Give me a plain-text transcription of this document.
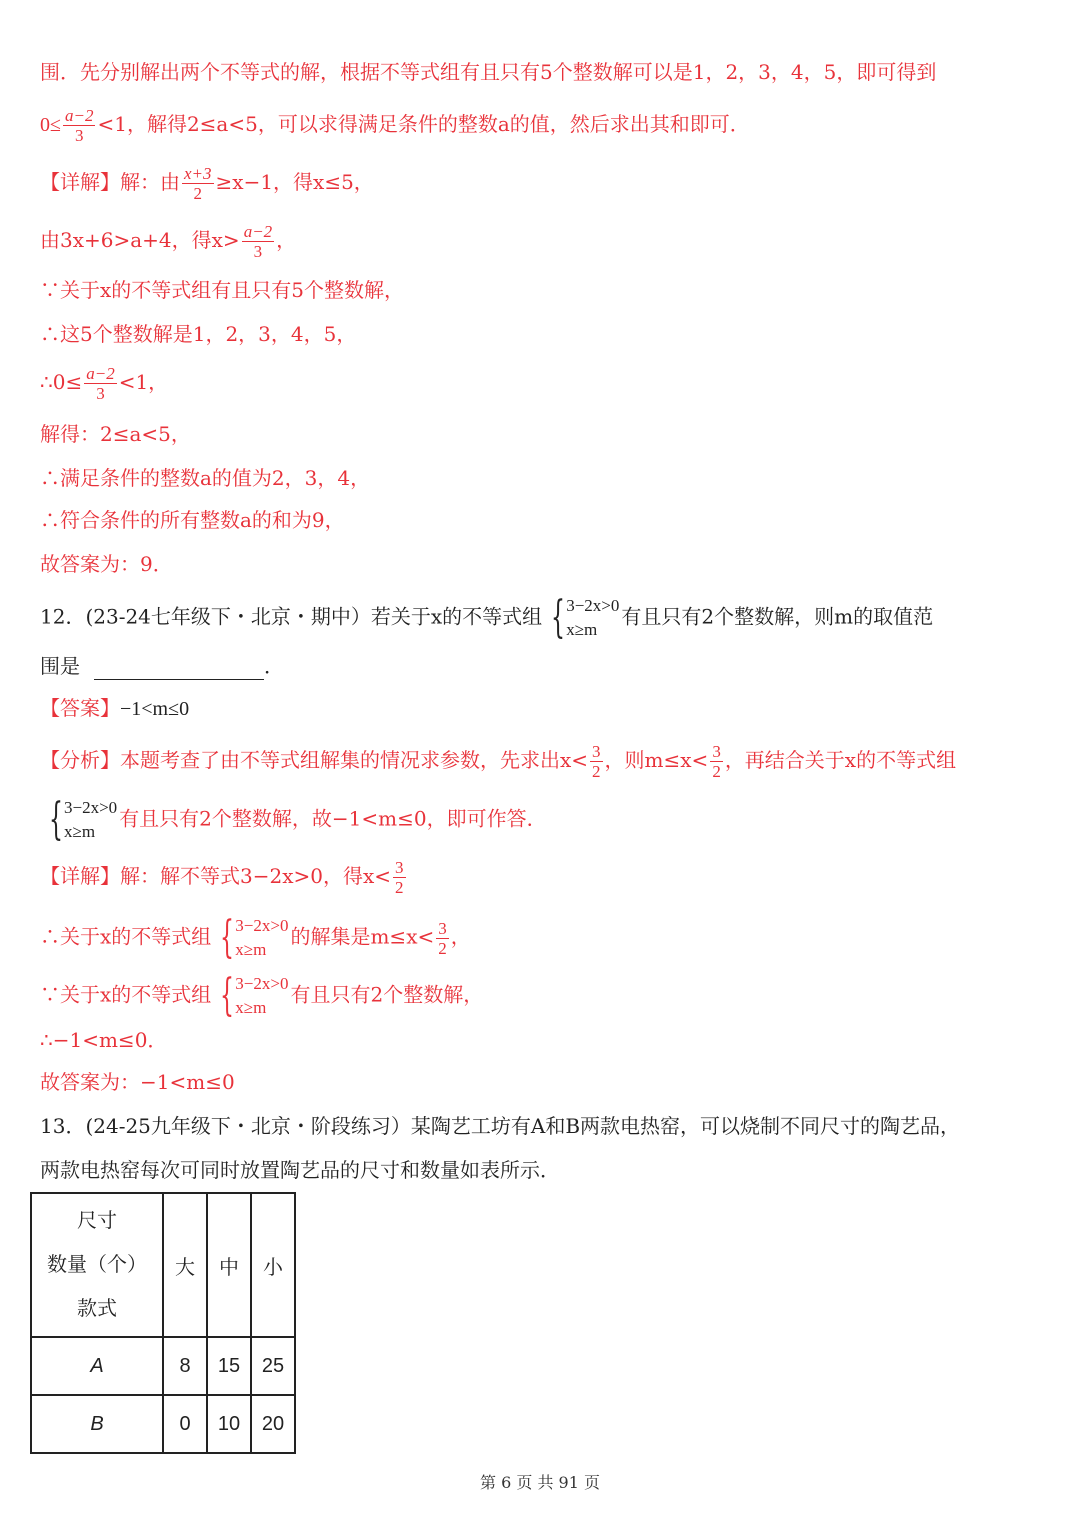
围．先分别解出两个不等式的解，根据不等式组有且只有5个整数解可以是1，2，3，4，5，即可得到
$0\le \frac{a-2}{3} <1$，解得2≤a<5，可以求得满足条件的整数a的值，然后求出其和即可．
【详解】解：由 $\frac{x+3}{2} \ge x-1$，得x≤5，
由3x+6>a+4，得$x> \frac{a-2}{3}$ ，
∵关于x的不等式组有且只有5个整数解，
∴这5个整数解是1，2，3，4，5，
∴0≤ $\frac{a-2}{3} <1$，
解得：2≤a<5，
∴满足条件的整数a的值为2，3，4，
∴符合条件的所有整数a的和为9，
故答案为：9．
12．(23-24七年级下・北京・期中）若关于x的不等式组 { 3−2x>0
x≥m
有且只有2个整数解，则m的取值范
围是	．
【答案】−1<m≤0
【分析】本题考查了由不等式组解集的情况求参数，先求出$x< \frac{3}{2}$ ，则$m\le x< \frac{3}{2}$ ，再结合关于x的不等式组
{ 3−2x>0
x≥m
有且只有2个整数解，故−1<m≤0，即可作答．
【详解】解：解不等式3−2x>0，得$x< \frac{3}{2}$
∴关于x的不等式组 { 3−2x>0
x≥m
的解集是$m\le x< \frac{3}{2}$ ，
∵关于x的不等式组 { 3−2x>0
x≥m
有且只有2个整数解，
∴−1<m≤0．
故答案为：−1<m≤0
13．(24-25九年级下・北京・阶段练习）某陶艺工坊有A和B两款电热窑，可以烧制不同尺寸的陶艺品，
两款电热窑每次可同时放置陶艺品的尺寸和数量如表所示．
尺寸
数量（个）
款式	大	中	小
A	8	15	25
B	0	10	20
第 6 页 共 91 页
